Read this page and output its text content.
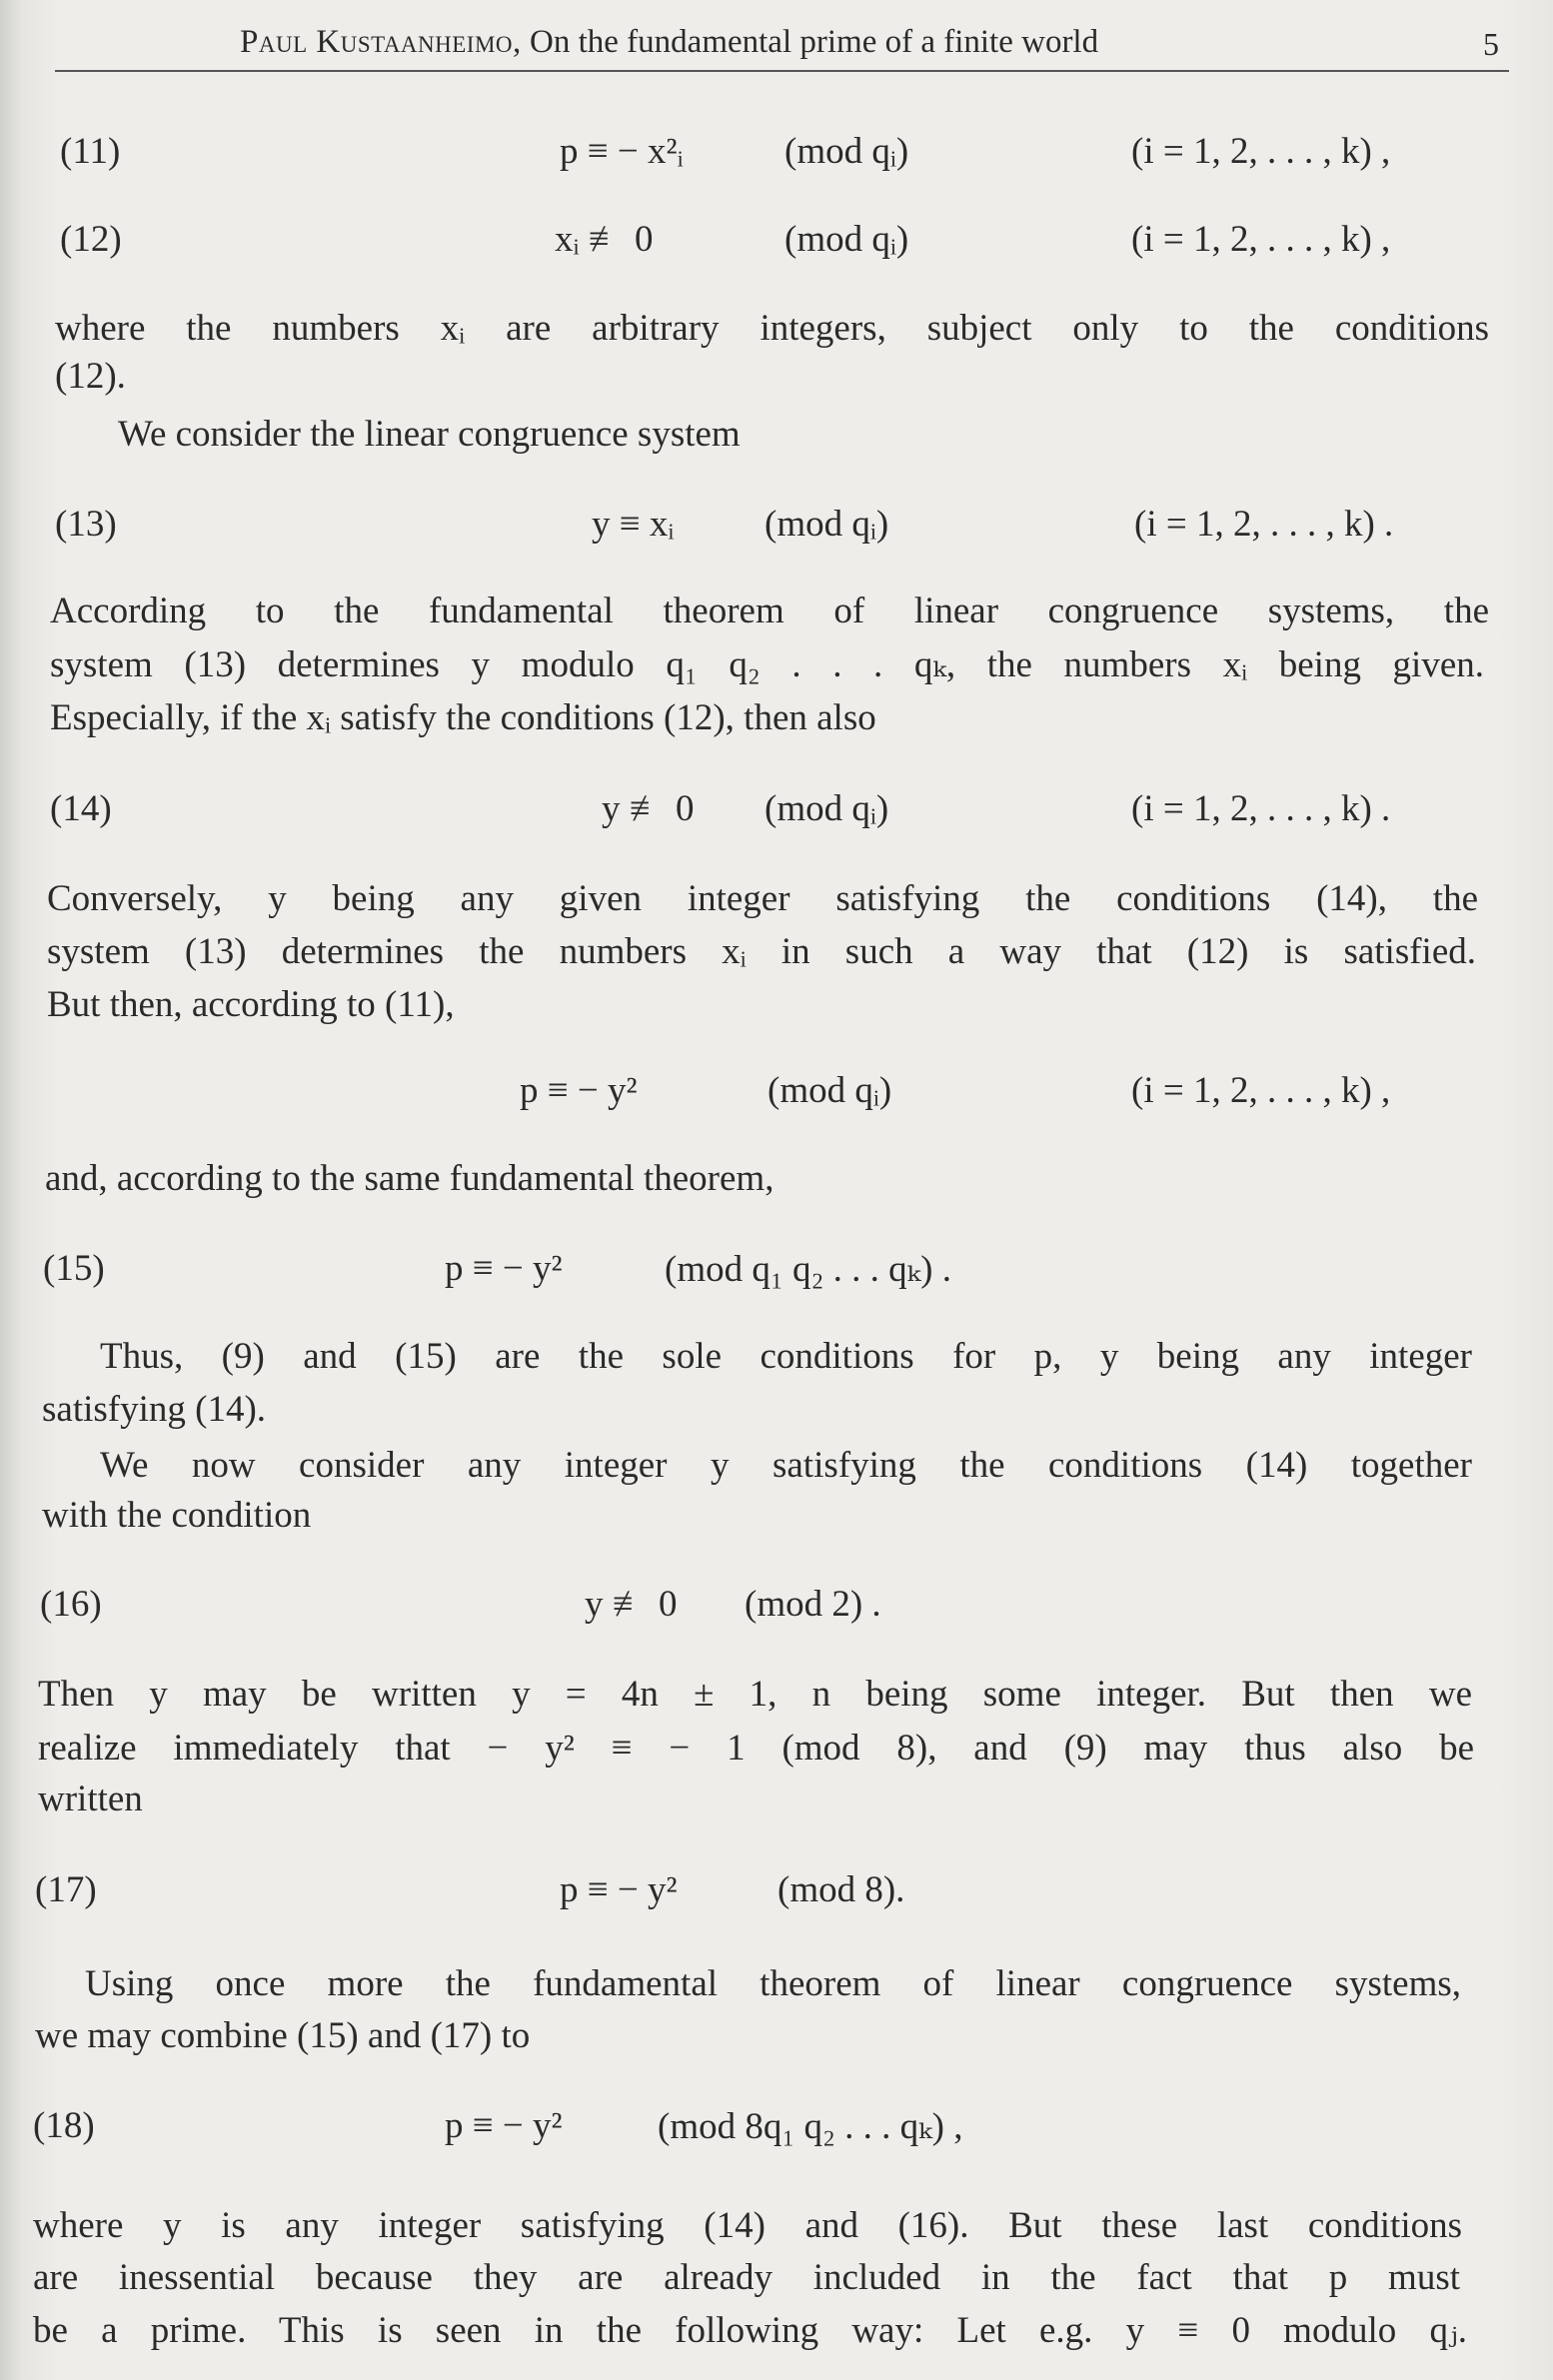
Paul Kustaanheimo, On the fundamental prime of a finite world	5
(11)	p ≡ − x²ᵢ	(mod qᵢ)	(i = 1, 2, . . . , k) ,
(12)	xᵢ ≢ 0	(mod qᵢ)	(i = 1, 2, . . . , k) ,
where the numbers xᵢ are arbitrary integers, subject only to the conditions
(12).
We consider the linear congruence system
(13)	y ≡ xᵢ (mod qᵢ)	(i = 1, 2, . . . , k) .
According to the fundamental theorem of linear congruence systems, the
system (13) determines y modulo q₁ q₂ . . . qₖ, the numbers xᵢ being given.
Especially, if the xᵢ satisfy the conditions (12), then also
(14)	y ≢ 0 (mod qᵢ)	(i = 1, 2, . . . , k) .
Conversely, y being any given integer satisfying the conditions (14), the
system (13) determines the numbers xᵢ in such a way that (12) is satisfied.
But then, according to (11),
p ≡ − y²	(mod qᵢ)	(i = 1, 2, . . . , k) ,
and, according to the same fundamental theorem,
(15)	p ≡ − y²	(mod q₁ q₂ . . . qₖ) .
Thus, (9) and (15) are the sole conditions for p, y being any integer
satisfying (14).
We now consider any integer y satisfying the conditions (14) together
with the condition
(16)	y ≢ 0 (mod 2) .
Then y may be written y = 4n ± 1, n being some integer. But then we
realize immediately that − y² ≡ − 1 (mod 8), and (9) may thus also be
written
(17)	p ≡ − y²	(mod 8).
Using once more the fundamental theorem of linear congruence systems,
we may combine (15) and (17) to
(18)	p ≡ − y²	(mod 8q₁ q₂ . . . qₖ) ,
where y is any integer satisfying (14) and (16). But these last conditions
are inessential because they are already included in the fact that p must
be a prime. This is seen in the following way: Let e.g. y ≡ 0 modulo qⱼ.
